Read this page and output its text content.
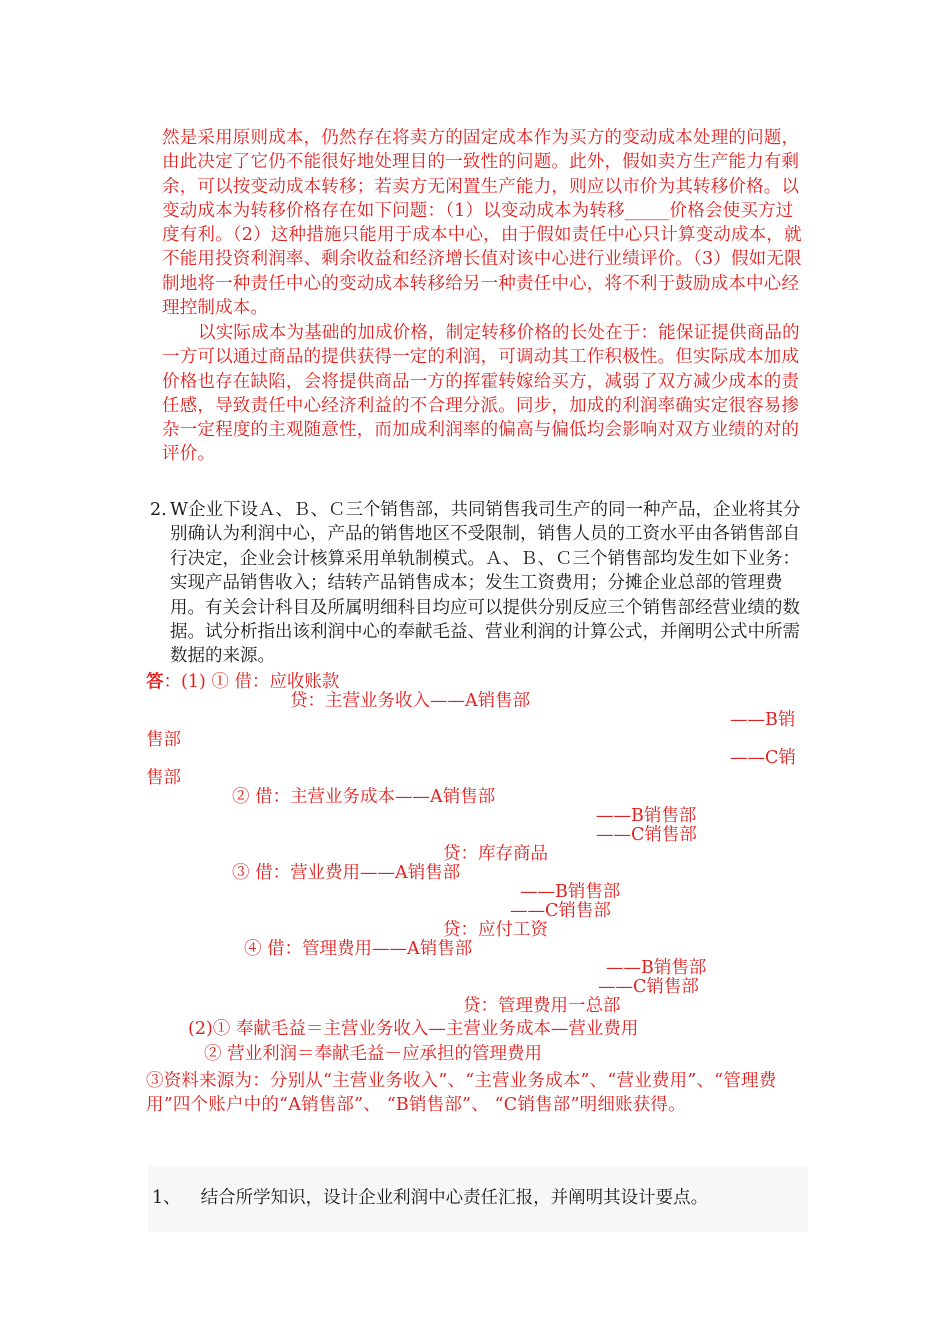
然是采用原则成本，仍然存在将卖方的固定成本作为买方的变动成本处理的问题，由此决定了它仍不能很好地处理目的一致性的问题。此外，假如卖方生产能力有剩余，可以按变动成本转移；若卖方无闲置生产能力，则应以市价为其转移价格。以变动成本为转移价格存在如下问题：（1）以变动成本为转移_____价格会使买方过度有利。（2）这种措施只能用于成本中心，由于假如责任中心只计算变动成本，就不能用投资利润率、剩余收益和经济增长值对该中心进行业绩评价。（3）假如无限制地将一种责任中心的变动成本转移给另一种责任中心，将不利于鼓励成本中心经理控制成本。

以实际成本为基础的加成价格，制定转移价格的长处在于：能保证提供商品的一方可以通过商品的提供获得一定的利润，可调动其工作积极性。但实际成本加成价格也存在缺陷，会将提供商品一方的挥霍转嫁给买方，减弱了双方减少成本的责任感，导致责任中心经济利益的不合理分派。同步，加成的利润率确实定很容易掺杂一定程度的主观随意性，而加成利润率的偏高与偏低均会影响对双方业绩的对的评价。

2. W企业下设Ａ、Ｂ、Ｃ三个销售部，共同销售我司生产的同一种产品，企业将其分别确认为利润中心，产品的销售地区不受限制，销售人员的工资水平由各销售部自行决定，企业会计核算采用单轨制模式。Ａ、Ｂ、Ｃ三个销售部均发生如下业务：实现产品销售收入；结转产品销售成本；发生工资费用；分摊企业总部的管理费用。有关会计科目及所属明细科目均应可以提供分别反应三个销售部经营业绩的数据。试分析指出该利润中心的奉献毛益、营业利润的计算公式，并阐明公式中所需数据的来源。
答：(1) ① 借：应收账款
贷：主营业务收入——A销售部
——B销
售部
——C销
售部
② 借：主营业务成本——A销售部
——B销售部
——C销售部
贷：库存商品
③ 借：营业费用——A销售部
——B销售部
——C销售部
贷：应付工资
④ 借：管理费用——A销售部
——B销售部
——C销售部
贷：管理费用一总部
(2)① 奉献毛益＝主营业务收入—主营业务成本—营业费用
② 营业利润＝奉献毛益－应承担的管理费用
③资料来源为：分别从“主营业务收入”、“主营业务成本”、“营业费用”、“管理费用”四个账户中的“A销售部”、 “B销售部”、 “C销售部”明细账获得。
1、 结合所学知识，设计企业利润中心责任汇报，并阐明其设计要点。
